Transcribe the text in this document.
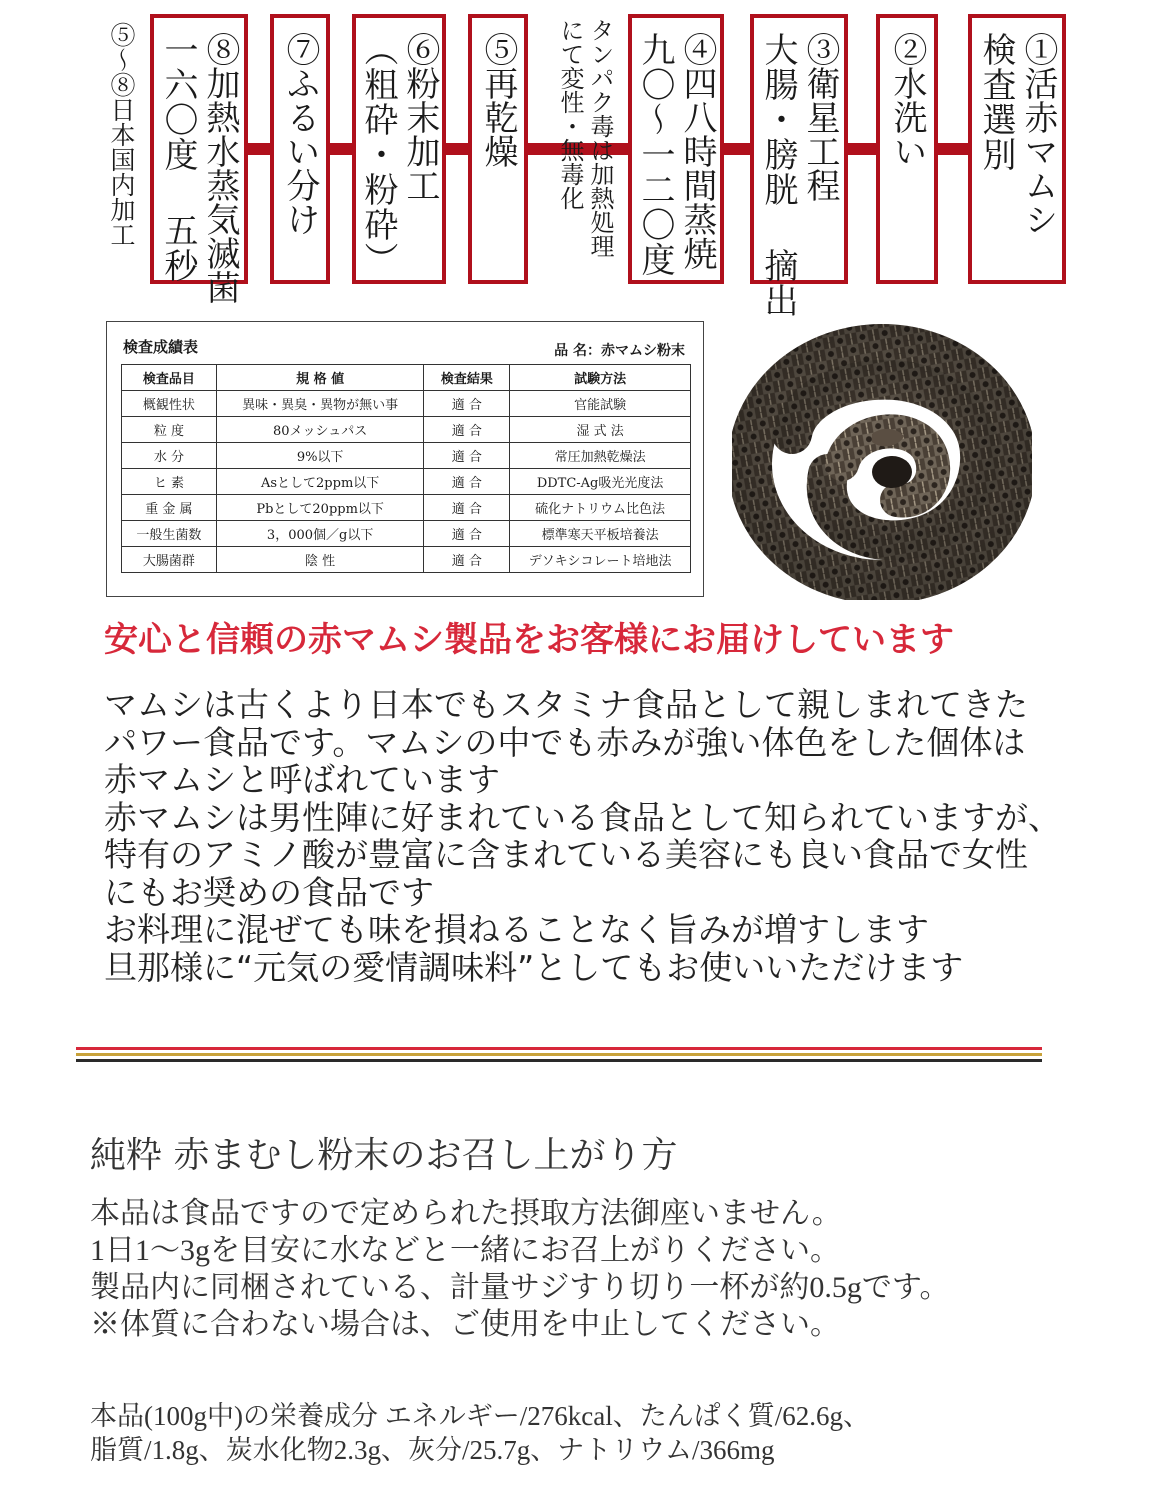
①活赤マムシ
検査選別
②水洗い
③衛星工程
大腸・膀胱 摘出
④四八時間蒸焼
九〇〜一二〇度
タンパク毒は加熱処理
にて変性・無毒化
⑤再乾燥
⑥粉末加工
（粗砕・粉砕）
⑦ふるい分け
⑧加熱水蒸気滅菌
一六〇度 五秒
⑤〜⑧日本国内加工
検査成績表	品 名：赤マムシ粉末
検査品目	規 格 値	検査結果	試験方法
概観性状	異味・異臭・異物が無い事	適 合	官能試験
粒 度	80メッシュパス	適 合	湿 式 法
水 分	9%以下	適 合	常圧加熱乾燥法
ヒ 素	Asとして2ppm以下	適 合	DDTC-Ag吸光光度法
重 金 属	Pbとして20ppm以下	適 合	硫化ナトリウム比色法
一般生菌数	3，000個／g以下	適 合	標準寒天平板培養法
大腸菌群	陰 性	適 合	デソキシコレート培地法
安心と信頼の赤マムシ製品をお客様にお届けしています

マムシは古くより日本でもスタミナ食品として親しまれてきた

パワー食品です。マムシの中でも赤みが強い体色をした個体は

赤マムシと呼ばれています

赤マムシは男性陣に好まれている食品として知られていますが、

特有のアミノ酸が豊富に含まれている美容にも良い食品で女性

にもお奨めの食品です

お料理に混ぜても味を損ねることなく旨みが増すします

旦那様に“元気の愛情調味料”としてもお使いいただけます

純粋 赤まむし粉末のお召し上がり方

本品は食品ですので定められた摂取方法御座いません。

1日1〜3gを目安に水などと一緒にお召上がりください。

製品内に同梱されている、計量サジすり切り一杯が約0.5gです。

※体質に合わない場合は、ご使用を中止してください。

本品(100g中)の栄養成分 エネルギー/276kcal、たんぱく質/62.6g、

脂質/1.8g、炭水化物2.3g、灰分/25.7g、ナトリウム/366mg
